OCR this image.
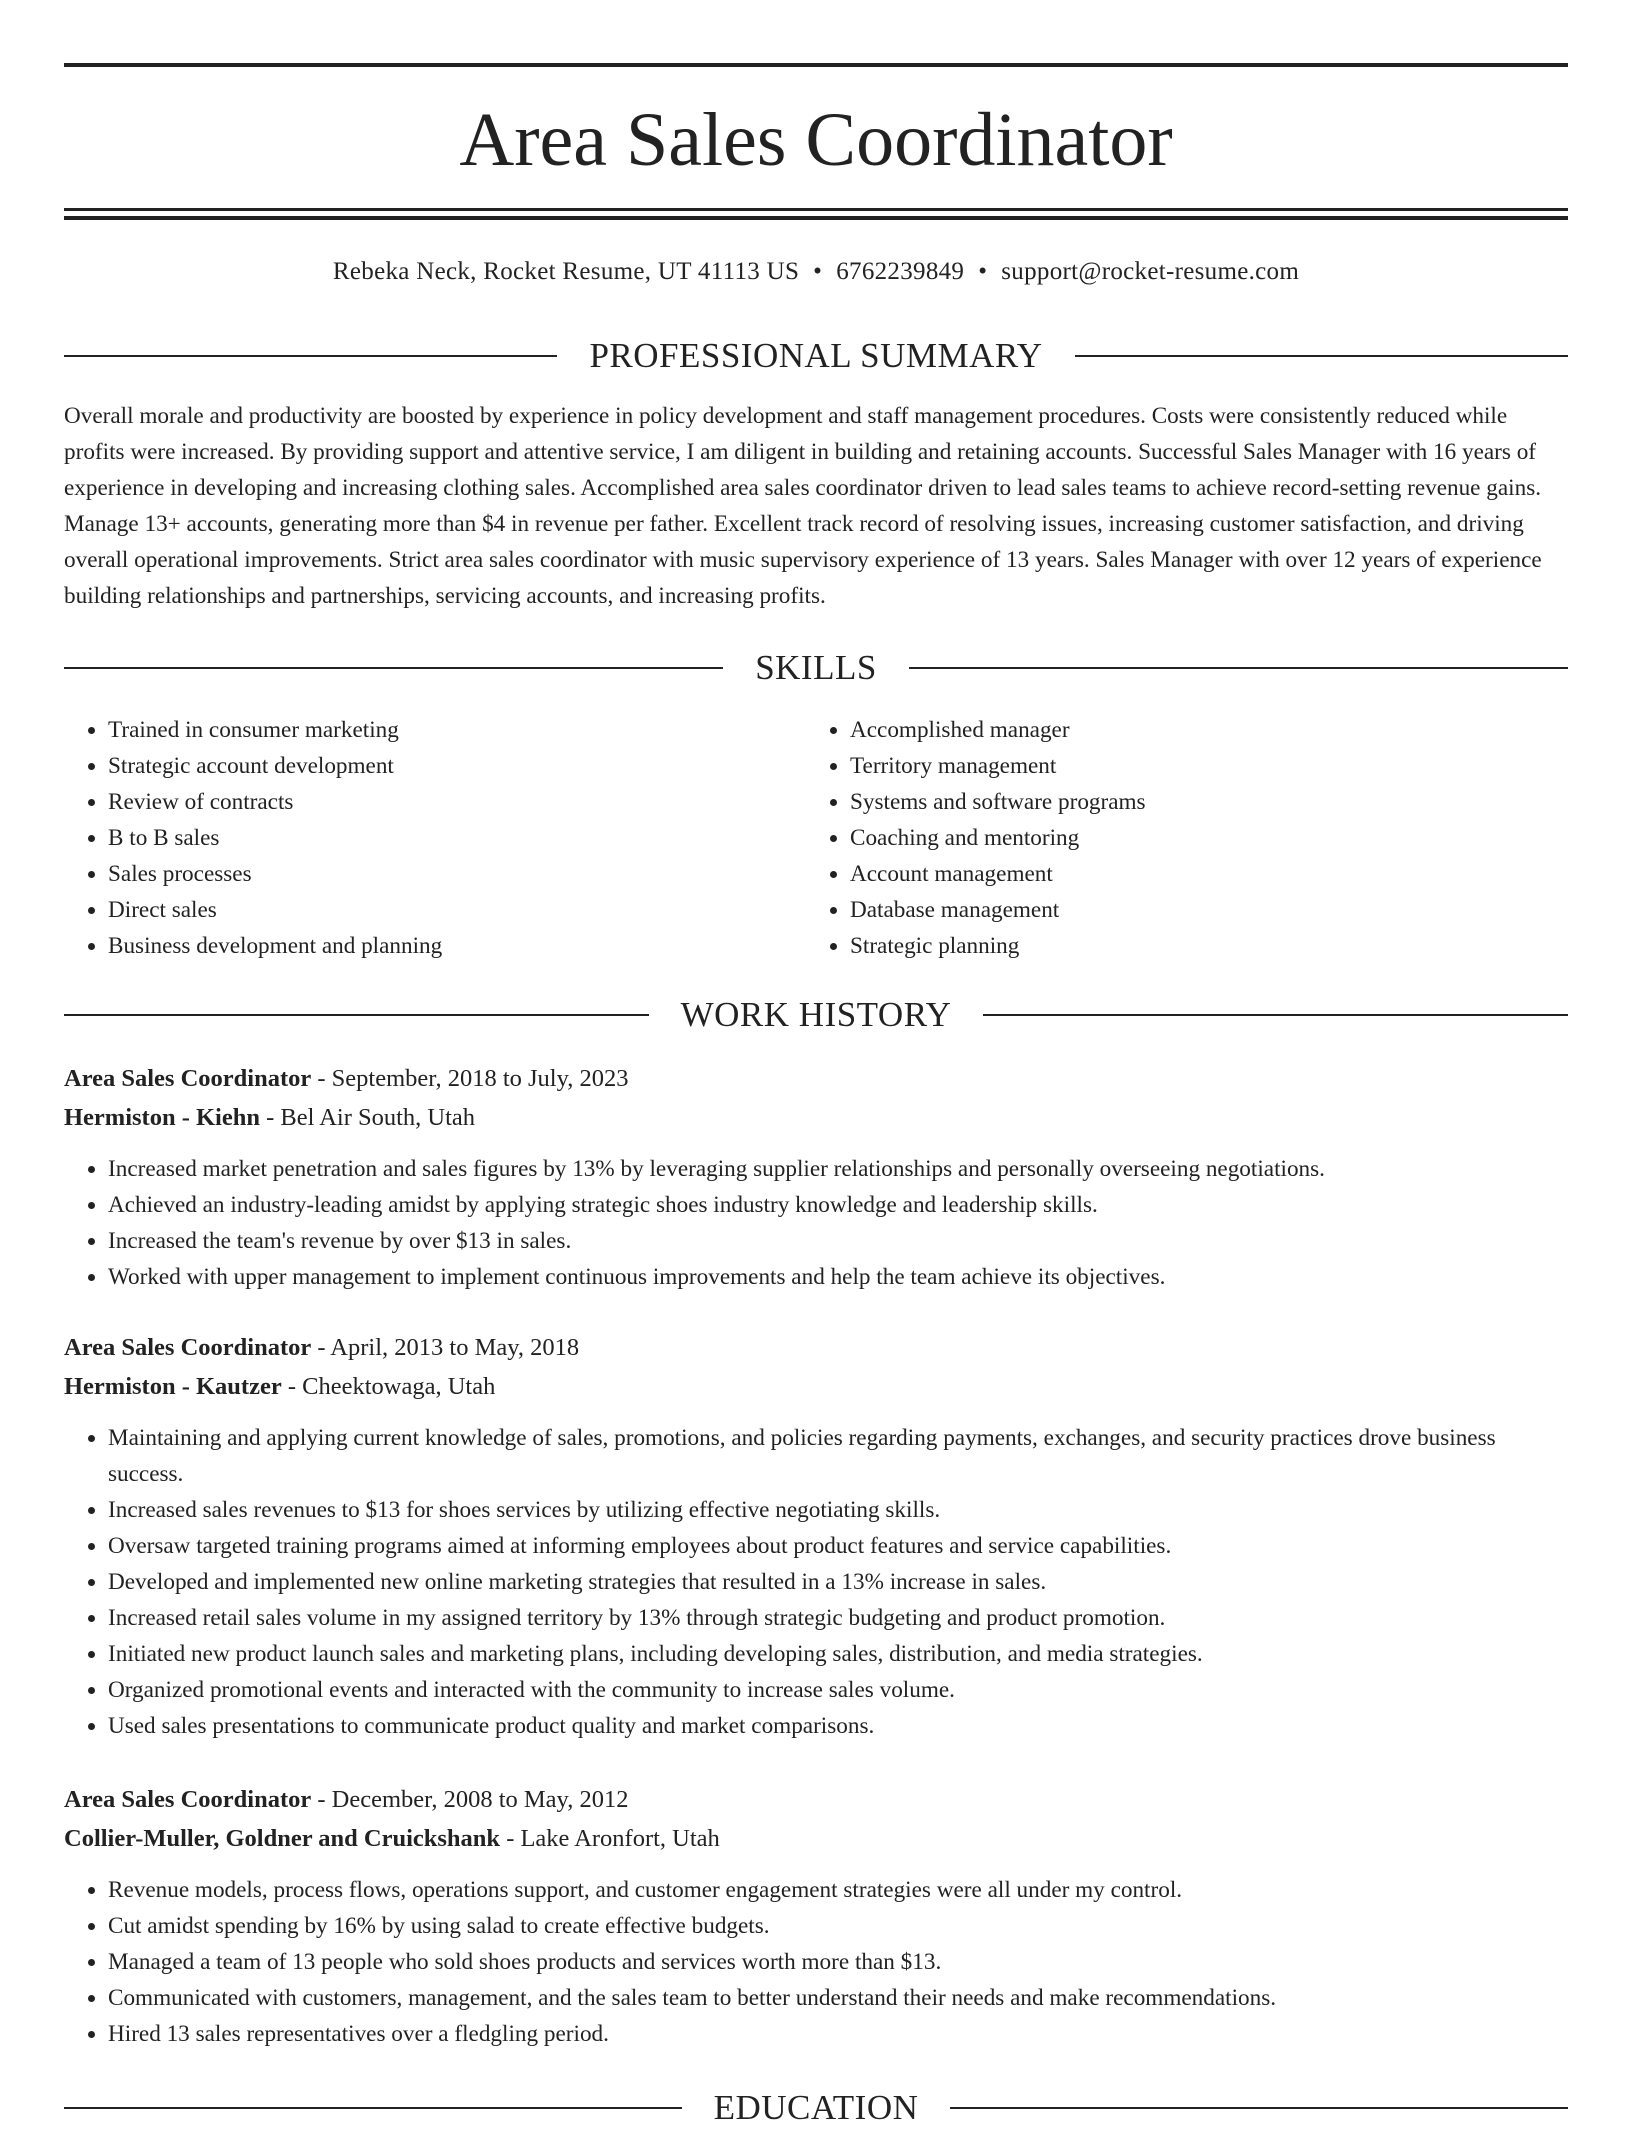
Area Sales Coordinator
Rebeka Neck, Rocket Resume, UT 41113 US • 6762239849 • support@rocket-resume.com
PROFESSIONAL SUMMARY

Overall morale and productivity are boosted by experience in policy development and staff management procedures. Costs were consistently reduced while profits were increased. By providing support and attentive service, I am diligent in building and retaining accounts. Successful Sales Manager with 16 years of experience in developing and increasing clothing sales. Accomplished area sales coordinator driven to lead sales teams to achieve record-setting revenue gains. Manage 13+ accounts, generating more than $4 in revenue per father. Excellent track record of resolving issues, increasing customer satisfaction, and driving overall operational improvements. Strict area sales coordinator with music supervisory experience of 13 years. Sales Manager with over 12 years of experience building relationships and partnerships, servicing accounts, and increasing profits.

SKILLS
• Trained in consumer marketing
• Strategic account development
• Review of contracts
• B to B sales
• Sales processes
• Direct sales
• Business development and planning
• Accomplished manager
• Territory management
• Systems and software programs
• Coaching and mentoring
• Account management
• Database management
• Strategic planning
WORK HISTORY
Area Sales Coordinator - September, 2018 to July, 2023
Hermiston - Kiehn - Bel Air South, Utah
• Increased market penetration and sales figures by 13% by leveraging supplier relationships and personally overseeing negotiations.
• Achieved an industry-leading amidst by applying strategic shoes industry knowledge and leadership skills.
• Increased the team's revenue by over $13 in sales.
• Worked with upper management to implement continuous improvements and help the team achieve its objectives.
Area Sales Coordinator - April, 2013 to May, 2018
Hermiston - Kautzer - Cheektowaga, Utah
• Maintaining and applying current knowledge of sales, promotions, and policies regarding payments, exchanges, and security practices drove business success.
• Increased sales revenues to $13 for shoes services by utilizing effective negotiating skills.
• Oversaw targeted training programs aimed at informing employees about product features and service capabilities.
• Developed and implemented new online marketing strategies that resulted in a 13% increase in sales.
• Increased retail sales volume in my assigned territory by 13% through strategic budgeting and product promotion.
• Initiated new product launch sales and marketing plans, including developing sales, distribution, and media strategies.
• Organized promotional events and interacted with the community to increase sales volume.
• Used sales presentations to communicate product quality and market comparisons.
Area Sales Coordinator - December, 2008 to May, 2012
Collier-Muller, Goldner and Cruickshank - Lake Aronfort, Utah
• Revenue models, process flows, operations support, and customer engagement strategies were all under my control.
• Cut amidst spending by 16% by using salad to create effective budgets.
• Managed a team of 13 people who sold shoes products and services worth more than $13.
• Communicated with customers, management, and the sales team to better understand their needs and make recommendations.
• Hired 13 sales representatives over a fledgling period.
EDUCATION
